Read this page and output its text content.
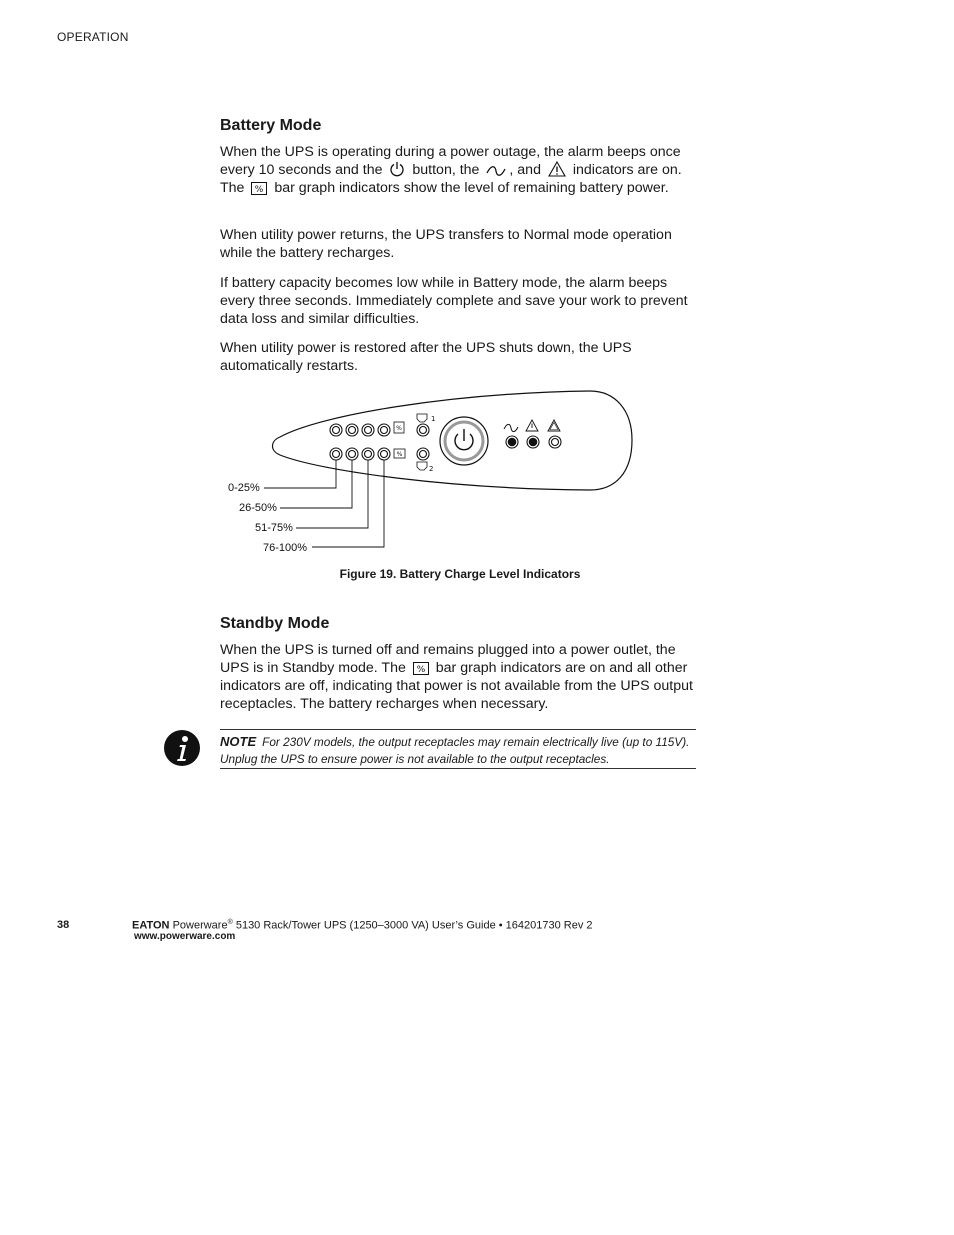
OPERATION
Battery Mode

When the UPS is operating during a power outage, the alarm beeps once every 10 seconds and the button, the , and indicators are on. The % bar graph indicators show the level of remaining battery power.

When utility power returns, the UPS transfers to Normal mode operation while the battery recharges.

If battery capacity becomes low while in Battery mode, the alarm beeps every three seconds. Immediately complete and save your work to prevent data loss and similar difficulties.

When utility power is restored after the UPS shuts down, the UPS automatically restarts.

%
%
1
2
0-25%
26-50%
51-75%
76-100%
Figure 19. Battery Charge Level Indicators
Standby Mode

When the UPS is turned off and remains plugged into a power outlet, the UPS is in Standby mode. The % bar graph indicators are on and all other indicators are off, indicating that power is not available from the UPS output receptacles. The battery recharges when necessary.

NOTE For 230V models, the output receptacles may remain electrically live (up to 115V). Unplug the UPS to ensure power is not available to the output receptacles.
38	EATON Powerware® 5130 Rack/Tower UPS (1250–3000 VA) User’s Guide • 164201730 Rev 2
www.powerware.com
